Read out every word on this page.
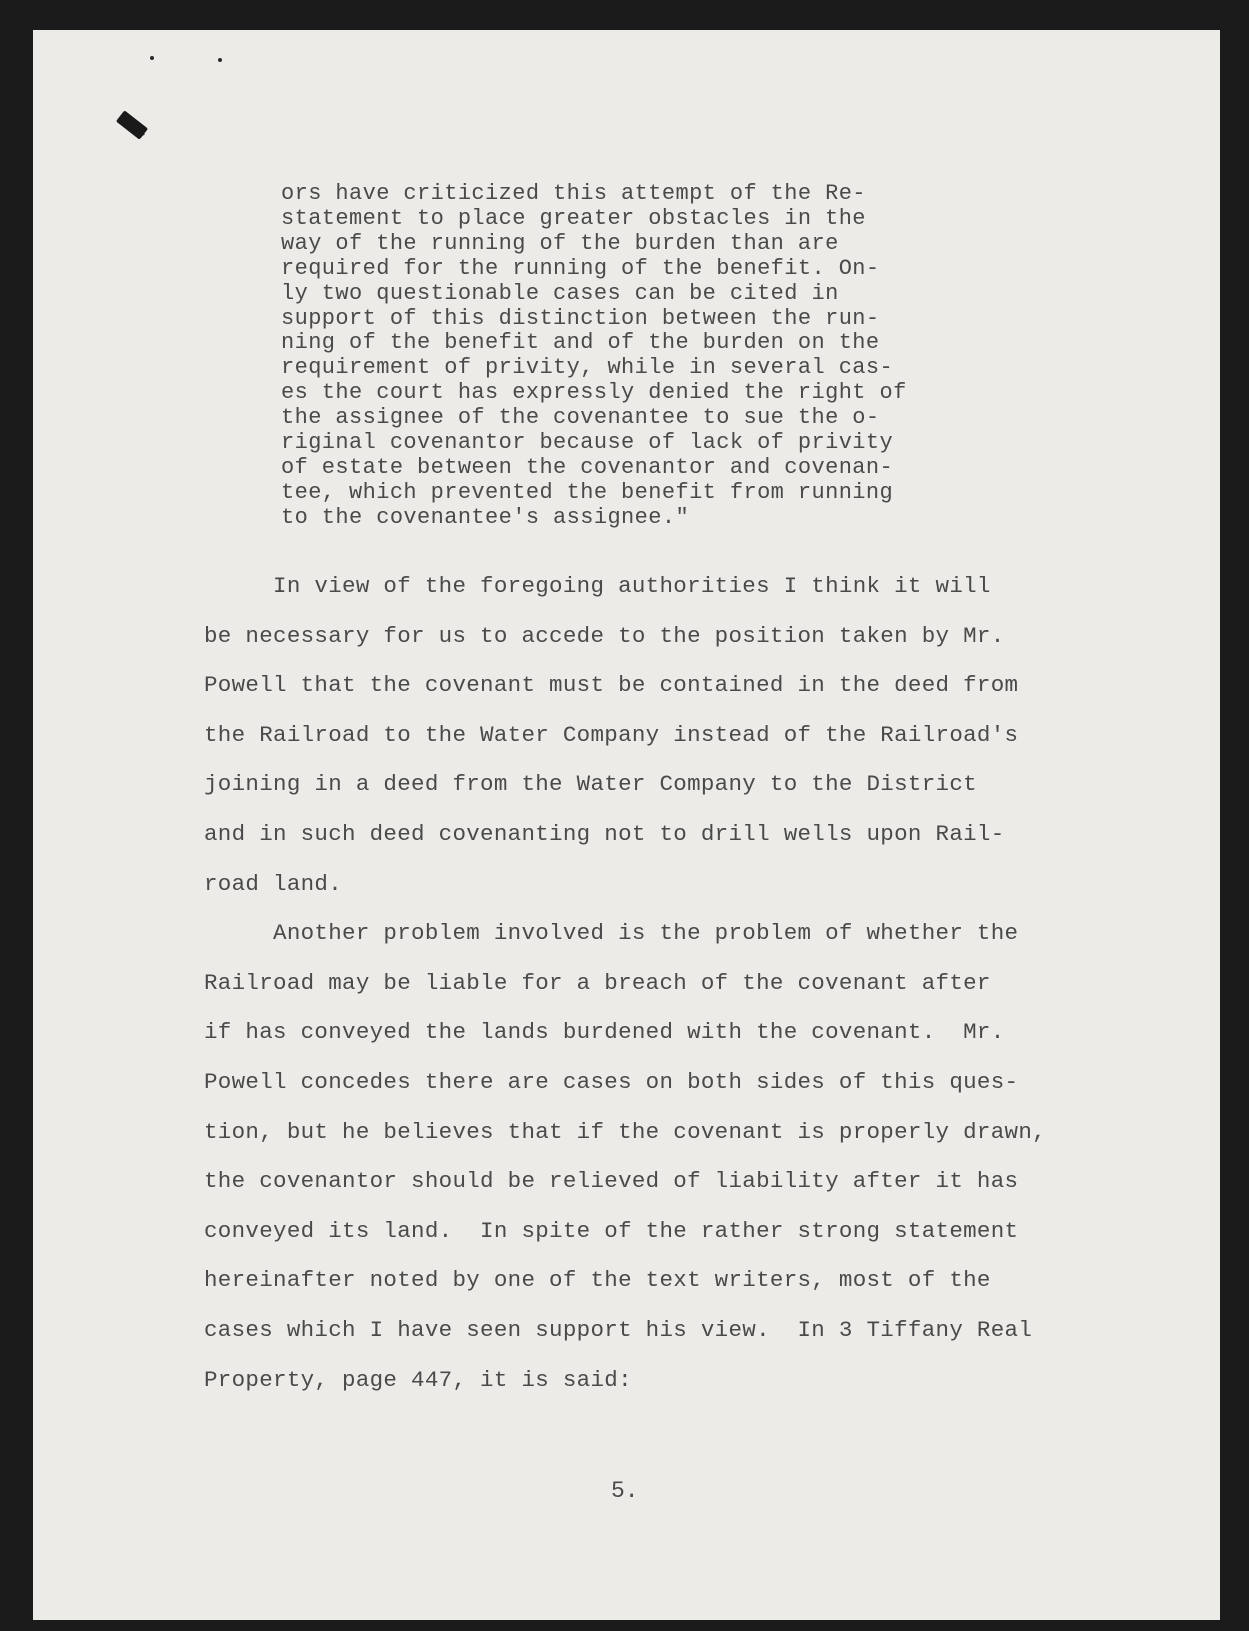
ors have criticized this attempt of the Re-
statement to place greater obstacles in the
way of the running of the burden than are
required for the running of the benefit. On-
ly two questionable cases can be cited in
support of this distinction between the run-
ning of the benefit and of the burden on the
requirement of privity, while in several cas-
es the court has expressly denied the right of
the assignee of the covenantee to sue the o-
riginal covenantor because of lack of privity
of estate between the covenantor and covenan-
tee, which prevented the benefit from running
to the covenantee's assignee."
In view of the foregoing authorities I think it will
be necessary for us to accede to the position taken by Mr.
Powell that the covenant must be contained in the deed from
the Railroad to the Water Company instead of the Railroad's
joining in a deed from the Water Company to the District
and in such deed covenanting not to drill wells upon Rail-
road land.
Another problem involved is the problem of whether the
Railroad may be liable for a breach of the covenant after
if has conveyed the lands burdened with the covenant.  Mr.
Powell concedes there are cases on both sides of this ques-
tion, but he believes that if the covenant is properly drawn,
the covenantor should be relieved of liability after it has
conveyed its land.  In spite of the rather strong statement
hereinafter noted by one of the text writers, most of the
cases which I have seen support his view.  In 3 Tiffany Real
Property, page 447, it is said:
5.
